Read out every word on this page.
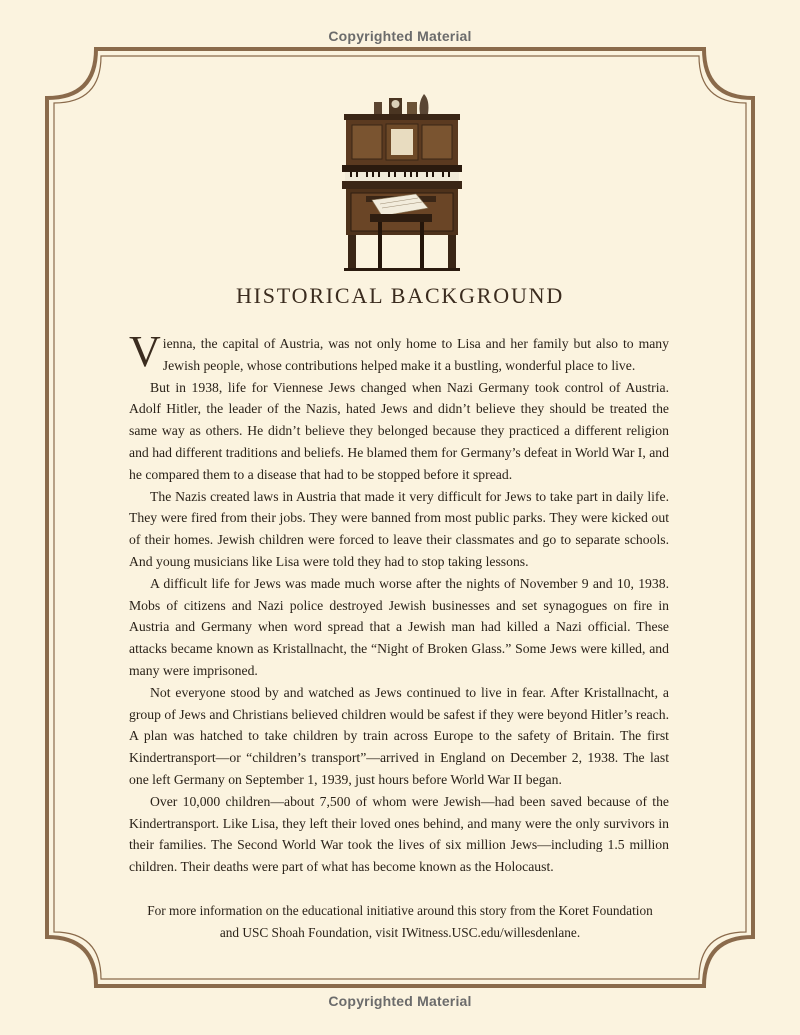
Copyrighted Material
HISTORICAL BACKGROUND

Vienna, the capital of Austria, was not only home to Lisa and her family but also to many Jewish people, whose contributions helped make it a bustling, wonderful place to live.

But in 1938, life for Viennese Jews changed when Nazi Germany took control of Austria. Adolf Hitler, the leader of the Nazis, hated Jews and didn’t believe they should be treated the same way as others. He didn’t believe they belonged because they practiced a different religion and had different traditions and beliefs. He blamed them for Germany’s defeat in World War I, and he compared them to a disease that had to be stopped before it spread.

The Nazis created laws in Austria that made it very difficult for Jews to take part in daily life. They were fired from their jobs. They were banned from most public parks. They were kicked out of their homes. Jewish children were forced to leave their classmates and go to separate schools. And young musicians like Lisa were told they had to stop taking lessons.

A difficult life for Jews was made much worse after the nights of November 9 and 10, 1938. Mobs of citizens and Nazi police destroyed Jewish businesses and set synagogues on fire in Austria and Germany when word spread that a Jewish man had killed a Nazi official. These attacks became known as Kristallnacht, the “Night of Broken Glass.” Some Jews were killed, and many were imprisoned.

Not everyone stood by and watched as Jews continued to live in fear. After Kristallnacht, a group of Jews and Christians believed children would be safest if they were beyond Hitler’s reach. A plan was hatched to take children by train across Europe to the safety of Britain. The first Kindertransport—or “children’s transport”—arrived in England on December 2, 1938. The last one left Germany on September 1, 1939, just hours before World War II began.

Over 10,000 children—about 7,500 of whom were Jewish—had been saved because of the Kindertransport. Like Lisa, they left their loved ones behind, and many were the only survivors in their families. The Second World War took the lives of six million Jews—including 1.5 million children. Their deaths were part of what has become known as the Holocaust.

For more information on the educational initiative around this story from the Koret Foundation and USC Shoah Foundation, visit IWitness.USC.edu/willesdenlane.
Copyrighted Material
